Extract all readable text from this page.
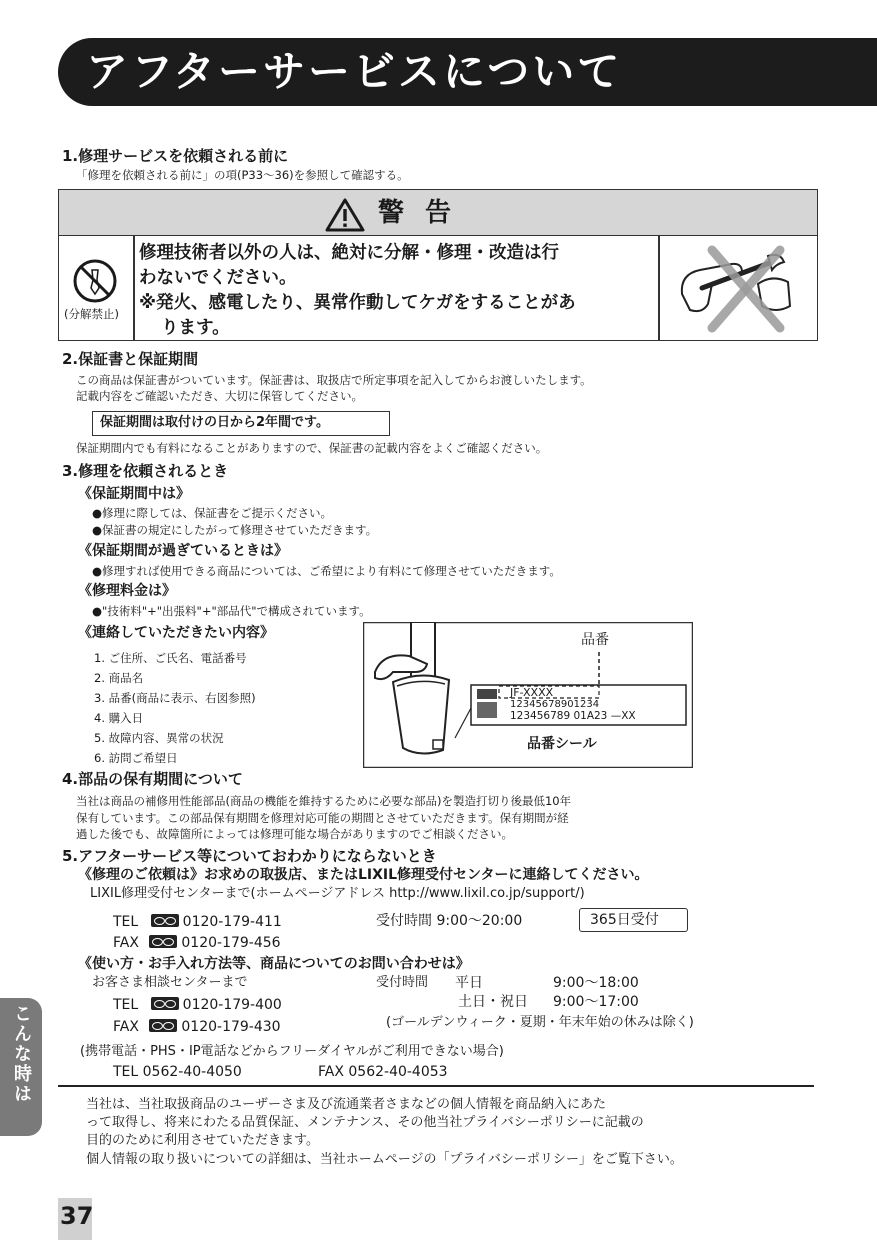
アフターサービスについて
1.修理サービスを依頼される前に
「修理を依頼される前に」の項(P33〜36)を参照して確認する。
警 告
(分解禁止)
修理技術者以外の人は、絶対に分解・修理・改造は行
わないでください。
※発火、感電したり、異常作動してケガをすることがあ
ります。
2.保証書と保証期間
この商品は保証書がついています。保証書は、取扱店で所定事項を記入してからお渡しいたします。
記載内容をご確認いただき、大切に保管してください。
保証期間は取付けの日から2年間です。
保証期間内でも有料になることがありますので、保証書の記載内容をよくご確認ください。
3.修理を依頼されるとき
《保証期間中は》
●修理に際しては、保証書をご提示ください。
●保証書の規定にしたがって修理させていただきます。
《保証期間が過ぎているときは》
●修理すれば使用できる商品については、ご希望により有料にて修理させていただきます。
《修理料金は》
●"技術料"+"出張料"+"部品代"で構成されています。
《連絡していただきたい内容》
1. ご住所、ご氏名、電話番号
2. 商品名
3. 品番(商品に表示、右図参照)
4. 購入日
5. 故障内容、異常の状況
6. 訪問ご希望日
品番
JF-XXXX
1234567890123̇4
123456789 01A23 —XX
品番シール
4.部品の保有期間について
当社は商品の補修用性能部品(商品の機能を維持するために必要な部品)を製造打切り後最低10年
保有しています。この部品保有期間を修理対応可能の期間とさせていただきます。保有期間が経
過した後でも、故障箇所によっては修理可能な場合がありますのでご相談ください。
5.アフターサービス等についておわかりにならないとき
《修理のご依頼は》お求めの取扱店、またはLIXIL修理受付センターに連絡してください。
LIXIL修理受付センターまで(ホームページアドレス http://www.lixil.co.jp/support/)
TEL	0120-179-411
FAX	0120-179-456
受付時間 9:00〜20:00	365日受付
《使い方・お手入れ方法等、商品についてのお問い合わせは》
お客さま相談センターまで	受付時間 平日	9:00〜18:00
土日・祝日 9:00〜17:00
TEL	0120-179-400
FAX	0120-179-430	(ゴールデンウィーク・夏期・年末年始の休みは除く)
(携帯電話・PHS・IP電話などからフリーダイヤルがご利用できない場合)
TEL 0562-40-4050	FAX 0562-40-4053
当社は、当社取扱商品のユーザーさま及び流通業者さまなどの個人情報を商品納入にあた
って取得し、将来にわたる品質保証、メンテナンス、その他当社プライバシーポリシーに記載の
目的のために利用させていただきます。
個人情報の取り扱いについての詳細は、当社ホームページの「プライバシーポリシー」をご覧下さい。
こんな時は
37
